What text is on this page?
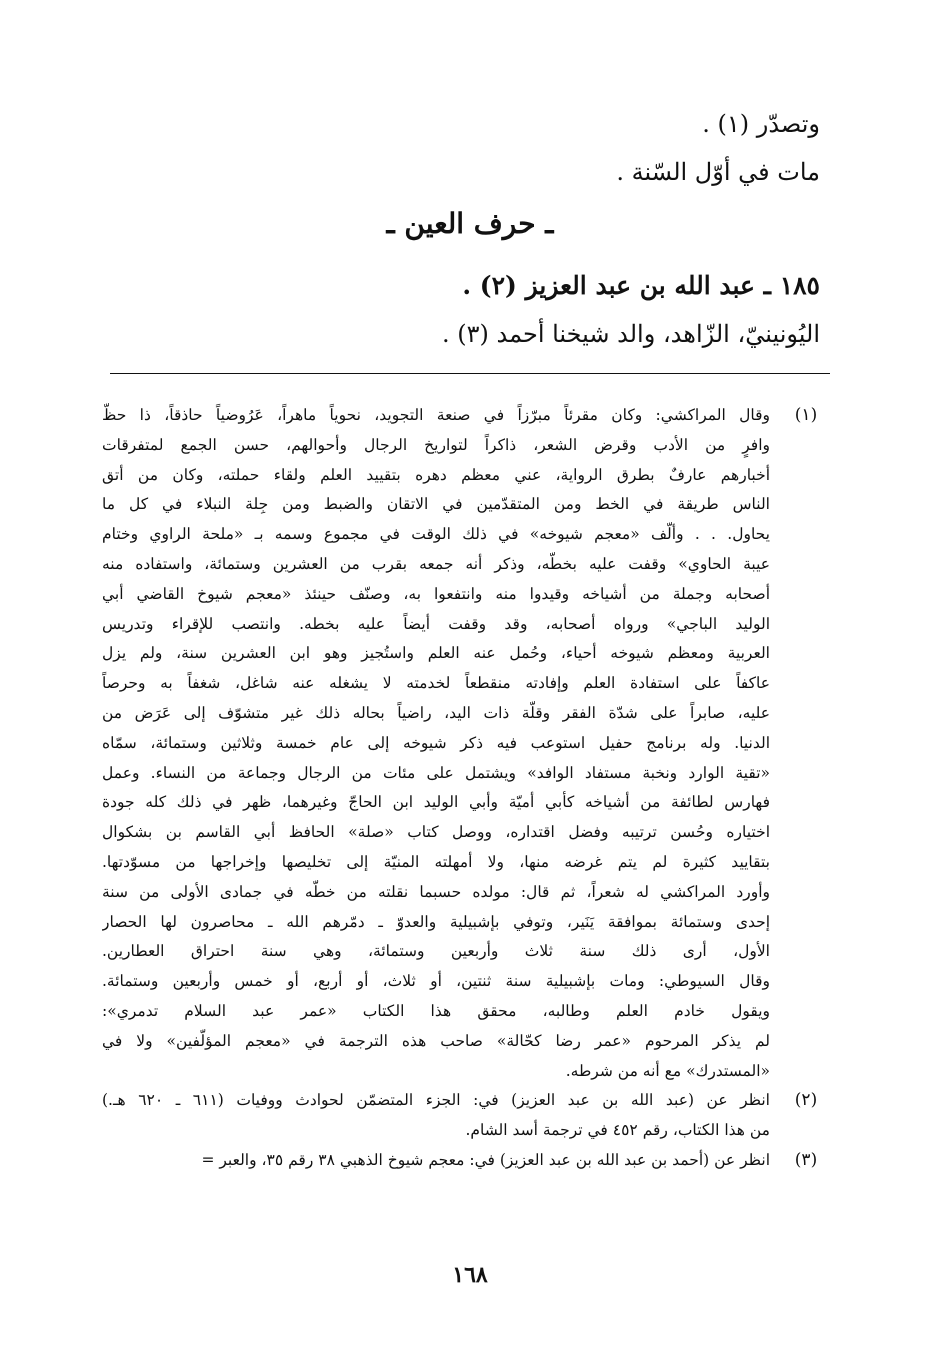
وتصدّر (١) .
مات في أوّل السّنة .
ـ حرف العين ـ
١٨٥ ـ عبد الله بن عبد العزيز (٢) .
اليُونينيّ، الزّاهد، والد شيخنا أحمد (٣) .
(١)
وقال المراكشي: وكان مقرئاً مبرّزاً في صنعة التجويد، نحوياً ماهراً، عَرُوضياً حاذقاً، ذا حظّ
وافرٍ من الأدب وقرض الشعر، ذاكراً لتواريخ الرجال وأحوالهم، حسن الجمع لمتفرقات
أخبارهم عارفٌ بطرق الرواية، عني معظم دهره بتقييد العلم ولقاء حملته، وكان من أتق
الناس طريقة في الخط ومن المتقدّمين في الاتقان والضبط ومن جِلة النبلاء في كل ما
يحاول. . . وألّف «معجم شيوخه» في ذلك الوقت في مجموع وسمه بـ «ملحة الراوي وختام
عيبة الحاوي» وقفت عليه بخطّه، وذكر أنه جمعه بقرب من العشرين وستمائة، واستفاده منه
أصحابه وجملة من أشياخه وقيدوا منه وانتفعوا به، وصنّف حينئذ «معجم شيوخ القاضي أبي
الوليد الباجي» ورواه أصحابه، وقد وقفت أيضاً عليه بخطه. وانتصب للإقراء وتدريس
العربية ومعظم شيوخه أحياء، وحُمل عنه العلم واستُجيز وهو ابن العشرين سنة، ولم يزل
عاكفاً على استفادة العلم وإفادته منقطعاً لخدمته لا يشغله عنه شاغل، شغفاً به وحرصاً
عليه، صابراً على شدّة الفقر وقلّة ذات اليد، راضياً بحاله ذلك غير متشوّف إلى عَرَض من
الدنيا. وله برنامج حفيل استوعب فيه ذكر شيوخه إلى عام خمسة وثلاثين وستمائة، سمّاه
«تقية الوارد ونخبة مستفاد الوافد» ويشتمل على مئات من الرجال وجماعة من النساء. وعمل
فهارس لطائفة من أشياخه كأبي أميّة وأبي الوليد ابن الحاجّ وغيرهما، ظهر في ذلك كله جودة
اختياره وحُسن ترتيبه وفضل اقتداره، ووصل كتاب «صلة» الحافظ أبي القاسم بن بشكوال
بتقاييد كثيرة لم يتم غرضه منها، ولا أمهلته المنيّة إلى تخليصها وإخراجها من مسوّدتها.
وأورد المراكشي له شعراً، ثم قال: مولده حسبما نقلته من خطّه في جمادى الأولى من سنة
إحدى وستمائة بموافقة يَنَير، وتوفي بإشبيلية والعدوّ ـ دمّرهم الله ـ محاصرون لها الحصار
الأول، أرى ذلك سنة ثلاث وأربعين وستمائة، وهي سنة احتراق العطارين.
وقال السيوطي: ومات بإشبيلية سنة ثنتين، أو ثلاث، أو أربع، أو خمس وأربعين وستمائة.
ويقول خادم العلم وطالبه، محقق هذا الكتاب «عمر عبد السلام تدمري»:
لم يذكر المرحوم «عمر رضا كحّالة» صاحب هذه الترجمة في «معجم المؤلّفين» ولا في
«المستدرك» مع أنه من شرطه.
(٢)
انظر عن (عبد الله بن عبد العزيز) في: الجزء المتضمّن لحوادث ووفيات (٦١١ ـ ٦٢٠ هـ.)
من هذا الكتاب، رقم ٤٥٢ في ترجمة أسد الشام.
(٣)
انظر عن (أحمد بن عبد الله بن عبد العزيز) في: معجم شيوخ الذهبي ٣٨ رقم ٣٥، والعبر =
١٦٨
